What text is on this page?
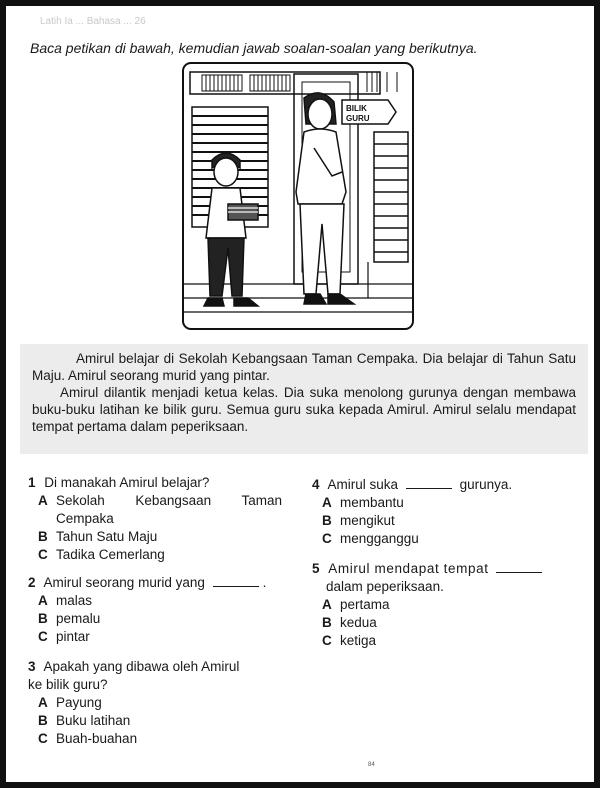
Latih Ia ... Bahasa ... 26
Baca petikan di bawah, kemudian jawab soalan-soalan yang berikutnya.
BILIK
GURU

Amirul belajar di Sekolah Kebangsaan Taman Cempaka. Dia belajar di Tahun Satu Maju. Amirul seorang murid yang pintar.

Amirul dilantik menjadi ketua kelas. Dia suka menolong gurunya dengan membawa buku-buku latihan ke bilik guru. Semua guru suka kepada Amirul. Amirul selalu mendapat tempat pertama dalam peperiksaan.

1 Di manakah Amirul belajar?
A Sekolah Kebangsaan Taman
Cempaka
B Tahun Satu Maju
C Tadika Cemerlang
2 Amirul seorang murid yang	.
A malas
B pemalu
C pintar
3 Apakah yang dibawa oleh Amirul
ke bilik guru?
A Payung
B Buku latihan
C Buah-buahan
4 Amirul suka	gurunya.
A membantu
B mengikut
C mengganggu
5 Amirul mendapat tempat
dalam peperiksaan.
A pertama
B kedua
C ketiga
84
